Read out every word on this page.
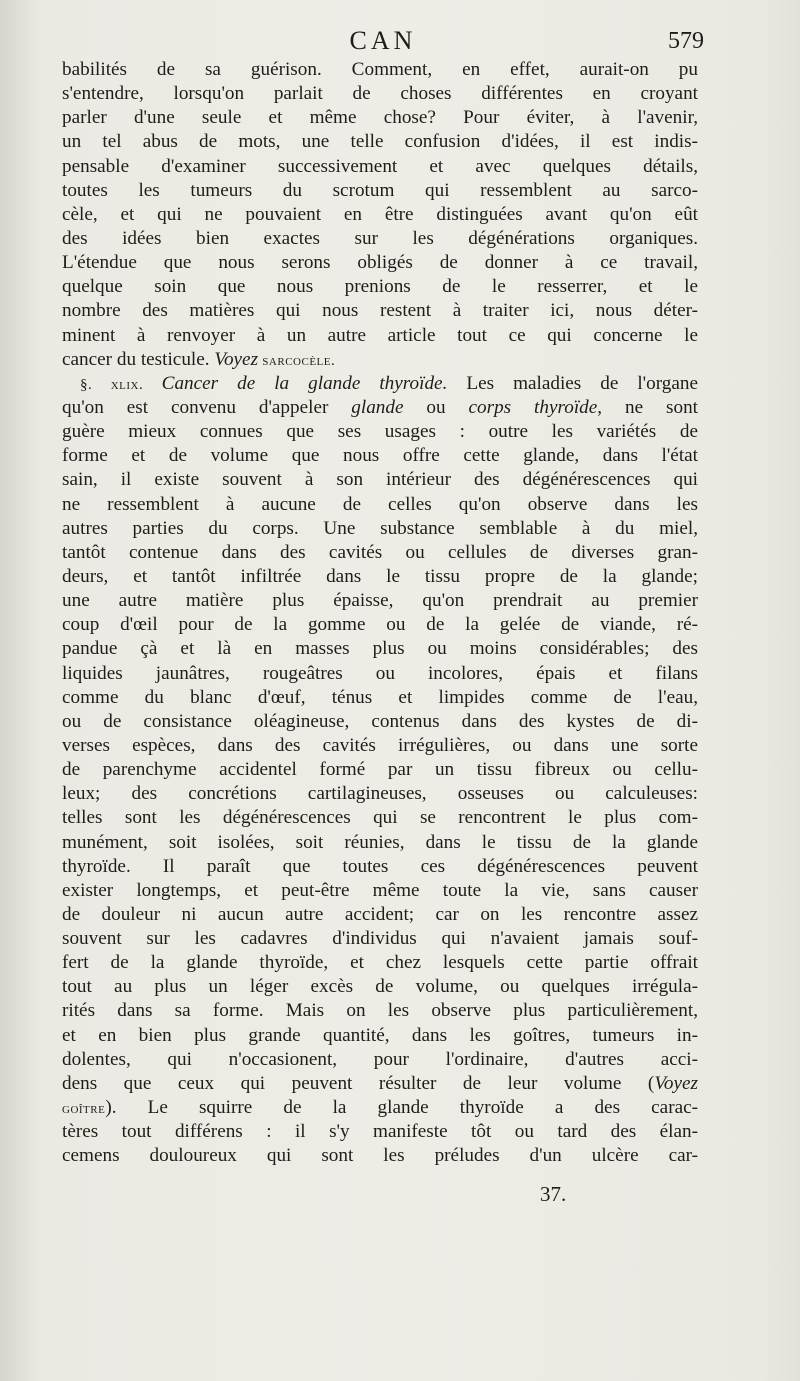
CAN	579
babilités de sa guérison. Comment, en effet, aurait-on pu
s'entendre, lorsqu'on parlait de choses différentes en croyant
parler d'une seule et même chose? Pour éviter, à l'avenir,
un tel abus de mots, une telle confusion d'idées, il est indis-
pensable d'examiner successivement et avec quelques détails,
toutes les tumeurs du scrotum qui ressemblent au sarco-
cèle, et qui ne pouvaient en être distinguées avant qu'on eût
des idées bien exactes sur les dégénérations organiques.
L'étendue que nous serons obligés de donner à ce travail,
quelque soin que nous prenions de le resserrer, et le
nombre des matières qui nous restent à traiter ici, nous déter-
minent à renvoyer à un autre article tout ce qui concerne le
cancer du testicule. Voyez sarcocèle.
§. xlix. Cancer de la glande thyroïde. Les maladies de l'organe
qu'on est convenu d'appeler glande ou corps thyroïde, ne sont
guère mieux connues que ses usages : outre les variétés de
forme et de volume que nous offre cette glande, dans l'état
sain, il existe souvent à son intérieur des dégénérescences qui
ne ressemblent à aucune de celles qu'on observe dans les
autres parties du corps. Une substance semblable à du miel,
tantôt contenue dans des cavités ou cellules de diverses gran-
deurs, et tantôt infiltrée dans le tissu propre de la glande;
une autre matière plus épaisse, qu'on prendrait au premier
coup d'œil pour de la gomme ou de la gelée de viande, ré-
pandue çà et là en masses plus ou moins considérables; des
liquides jaunâtres, rougeâtres ou incolores, épais et filans
comme du blanc d'œuf, ténus et limpides comme de l'eau,
ou de consistance oléagineuse, contenus dans des kystes de di-
verses espèces, dans des cavités irrégulières, ou dans une sorte
de parenchyme accidentel formé par un tissu fibreux ou cellu-
leux; des concrétions cartilagineuses, osseuses ou calculeuses:
telles sont les dégénérescences qui se rencontrent le plus com-
munément, soit isolées, soit réunies, dans le tissu de la glande
thyroïde. Il paraît que toutes ces dégénérescences peuvent
exister longtemps, et peut-être même toute la vie, sans causer
de douleur ni aucun autre accident; car on les rencontre assez
souvent sur les cadavres d'individus qui n'avaient jamais souf-
fert de la glande thyroïde, et chez lesquels cette partie offrait
tout au plus un léger excès de volume, ou quelques irrégula-
rités dans sa forme. Mais on les observe plus particulièrement,
et en bien plus grande quantité, dans les goîtres, tumeurs in-
dolentes, qui n'occasionent, pour l'ordinaire, d'autres acci-
dens que ceux qui peuvent résulter de leur volume (Voyez
goître). Le squirre de la glande thyroïde a des carac-
tères tout différens : il s'y manifeste tôt ou tard des élan-
cemens douloureux qui sont les préludes d'un ulcère car-
37.
